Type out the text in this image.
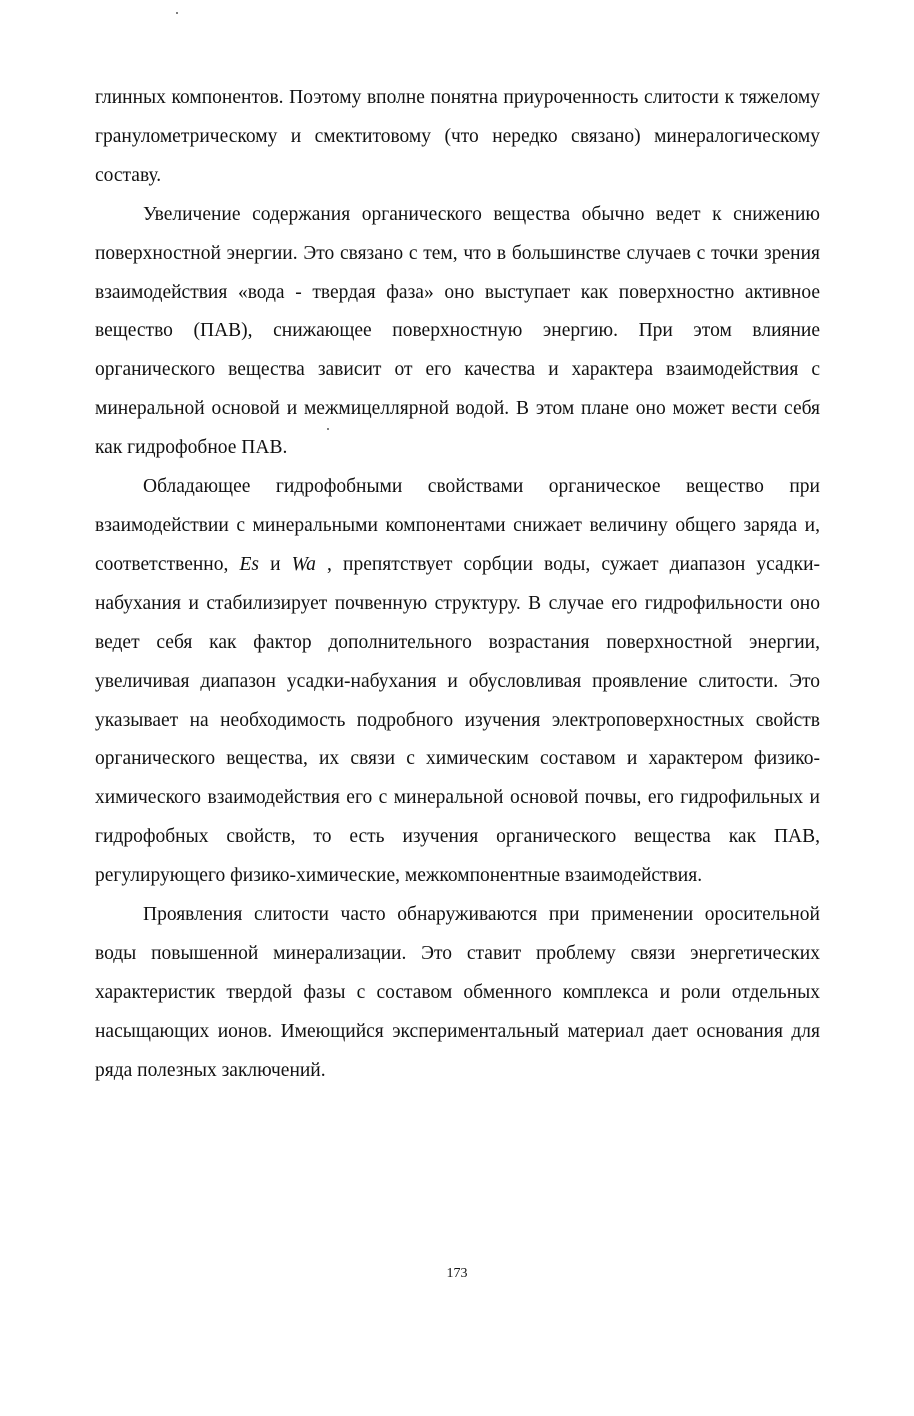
глинных компонентов. Поэтому вполне понятна приуроченность слитости к тяжелому гранулометрическому и смектитовому (что нередко связано) минералогическому составу.

Увеличение содержания органического вещества обычно ведет к снижению поверхностной энергии. Это связано с тем, что в большинстве случаев с точки зрения взаимодействия «вода - твердая фаза» оно выступает как поверхностно активное вещество (ПАВ), снижающее поверхностную энергию. При этом влияние органического вещества зависит от его качества и характера взаимодействия с минеральной основой и межмицеллярной водой. В этом плане оно может вести себя как гидрофобное ПАВ.

Обладающее гидрофобными свойствами органическое вещество при взаимодействии с минеральными компонентами снижает величину общего заряда и, соответственно, Es и Wa , препятствует сорбции воды, сужает диапазон усадки-набухания и стабилизирует почвенную структуру. В случае его гидрофильности оно ведет себя как фактор дополнительного возрастания поверхностной энергии, увеличивая диапазон усадки-набухания и обусловливая проявление слитости. Это указывает на необходимость подробного изучения электроповерхностных свойств органического вещества, их связи с химическим составом и характером физико-химического взаимодействия его с минеральной основой почвы, его гидрофильных и гидрофобных свойств, то есть изучения органического вещества как ПАВ, регулирующего физико-химические, межкомпонентные взаимодействия.

Проявления слитости часто обнаруживаются при применении оросительной воды повышенной минерализации. Это ставит проблему связи энергетических характеристик твердой фазы с составом обменного комплекса и роли отдельных насыщающих ионов. Имеющийся экспериментальный материал дает основания для ряда полезных заключений.

173
